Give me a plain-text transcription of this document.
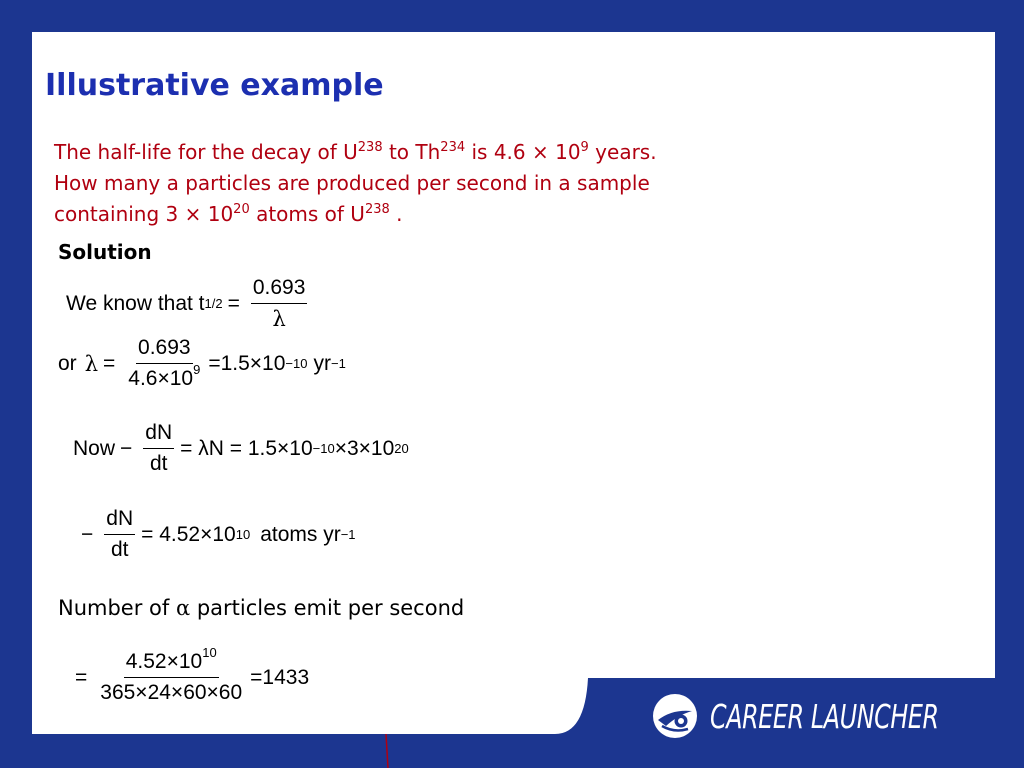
Illustrative example
The half-life for the decay of $U^{238}$ to Th$^{234}$ is $4.6 \times 10^9$ years.
How many a particles are produced per second in a sample
containing $3 \times 10^{20}$ atoms of $U^{238}$ .
Solution
We know that t $1/2 = \frac{0.693}{\lambda}$
or $\lambda = \frac{0.693}{4.6\times 10^9} =1.5\times 10 -10$ yr −1
Now − $\frac{dN}{dt} = \lambda N = 1.5\times 10 -10 \times 3\times 10$ 20
− $\frac{dN}{dt} = 4.52\times 10$ 10 atoms yr −1
Number of α particles emit per second
= $\frac{4.52\times 10^{10}}{365\times 24\times 60\times 60} =1433$
CAREER LAUNCHER
